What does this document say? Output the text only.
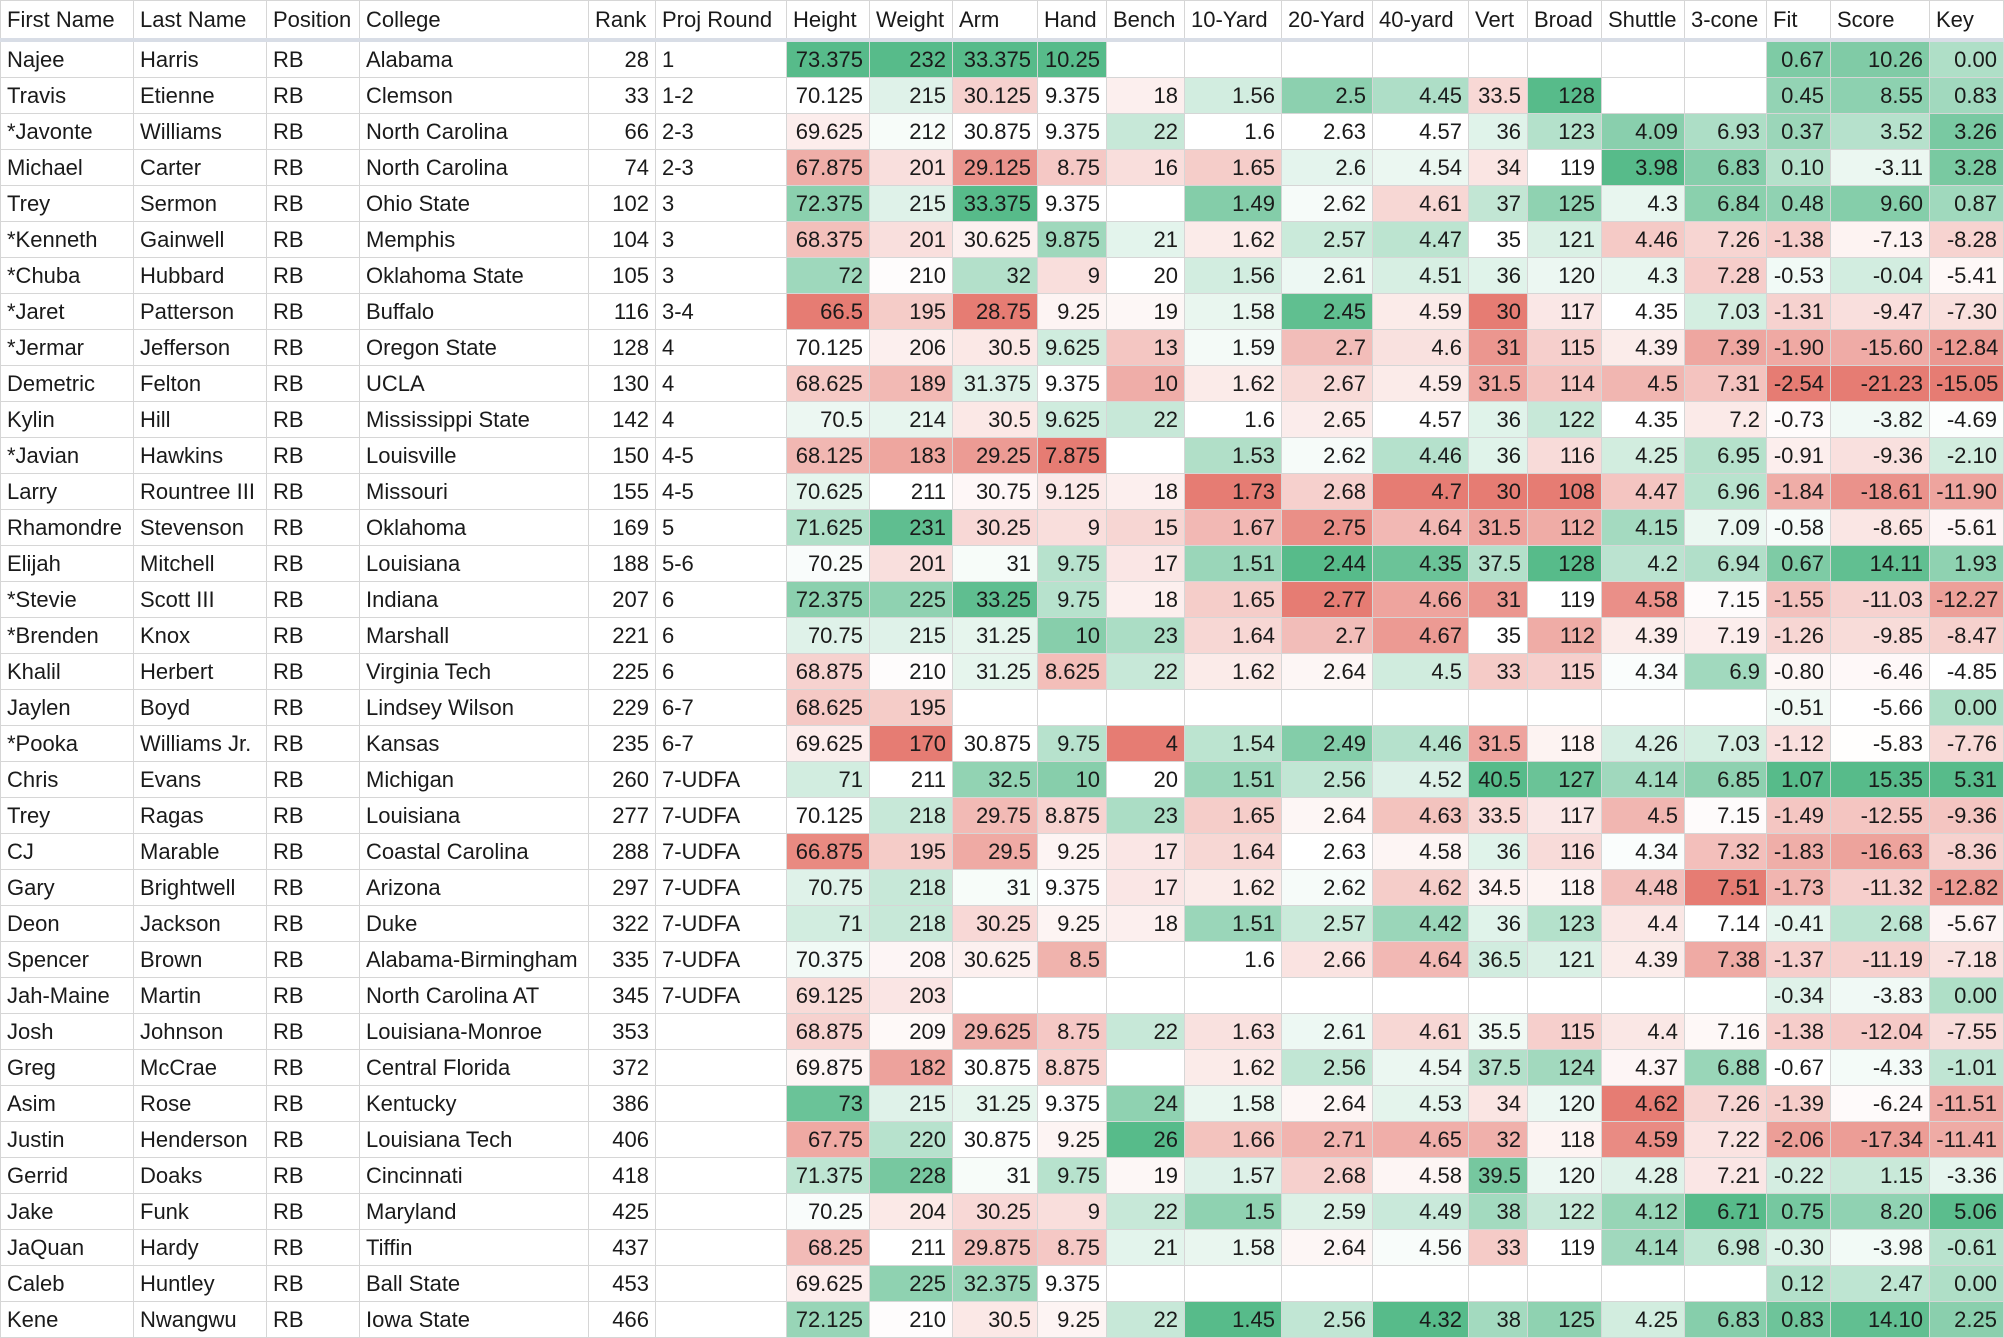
First Name	Last Name	Position	College	Rank	Proj Round	Height	Weight	Arm	Hand	Bench	10-Yard	20-Yard	40-yard	Vert	Broad	Shuttle	3-cone	Fit	Score	Key
Najee	Harris	RB	Alabama	28	1	73.375	232	33.375	10.25									0.67	10.26	0.00
Travis	Etienne	RB	Clemson	33	1-2	70.125	215	30.125	9.375	18	1.56	2.5	4.45	33.5	128			0.45	8.55	0.83
*Javonte	Williams	RB	North Carolina	66	2-3	69.625	212	30.875	9.375	22	1.6	2.63	4.57	36	123	4.09	6.93	0.37	3.52	3.26
Michael	Carter	RB	North Carolina	74	2-3	67.875	201	29.125	8.75	16	1.65	2.6	4.54	34	119	3.98	6.83	0.10	-3.11	3.28
Trey	Sermon	RB	Ohio State	102	3	72.375	215	33.375	9.375		1.49	2.62	4.61	37	125	4.3	6.84	0.48	9.60	0.87
*Kenneth	Gainwell	RB	Memphis	104	3	68.375	201	30.625	9.875	21	1.62	2.57	4.47	35	121	4.46	7.26	-1.38	-7.13	-8.28
*Chuba	Hubbard	RB	Oklahoma State	105	3	72	210	32	9	20	1.56	2.61	4.51	36	120	4.3	7.28	-0.53	-0.04	-5.41
*Jaret	Patterson	RB	Buffalo	116	3-4	66.5	195	28.75	9.25	19	1.58	2.45	4.59	30	117	4.35	7.03	-1.31	-9.47	-7.30
*Jermar	Jefferson	RB	Oregon State	128	4	70.125	206	30.5	9.625	13	1.59	2.7	4.6	31	115	4.39	7.39	-1.90	-15.60	-12.84
Demetric	Felton	RB	UCLA	130	4	68.625	189	31.375	9.375	10	1.62	2.67	4.59	31.5	114	4.5	7.31	-2.54	-21.23	-15.05
Kylin	Hill	RB	Mississippi State	142	4	70.5	214	30.5	9.625	22	1.6	2.65	4.57	36	122	4.35	7.2	-0.73	-3.82	-4.69
*Javian	Hawkins	RB	Louisville	150	4-5	68.125	183	29.25	7.875		1.53	2.62	4.46	36	116	4.25	6.95	-0.91	-9.36	-2.10
Larry	Rountree III	RB	Missouri	155	4-5	70.625	211	30.75	9.125	18	1.73	2.68	4.7	30	108	4.47	6.96	-1.84	-18.61	-11.90
Rhamondre	Stevenson	RB	Oklahoma	169	5	71.625	231	30.25	9	15	1.67	2.75	4.64	31.5	112	4.15	7.09	-0.58	-8.65	-5.61
Elijah	Mitchell	RB	Louisiana	188	5-6	70.25	201	31	9.75	17	1.51	2.44	4.35	37.5	128	4.2	6.94	0.67	14.11	1.93
*Stevie	Scott III	RB	Indiana	207	6	72.375	225	33.25	9.75	18	1.65	2.77	4.66	31	119	4.58	7.15	-1.55	-11.03	-12.27
*Brenden	Knox	RB	Marshall	221	6	70.75	215	31.25	10	23	1.64	2.7	4.67	35	112	4.39	7.19	-1.26	-9.85	-8.47
Khalil	Herbert	RB	Virginia Tech	225	6	68.875	210	31.25	8.625	22	1.62	2.64	4.5	33	115	4.34	6.9	-0.80	-6.46	-4.85
Jaylen	Boyd	RB	Lindsey Wilson	229	6-7	68.625	195											-0.51	-5.66	0.00
*Pooka	Williams Jr.	RB	Kansas	235	6-7	69.625	170	30.875	9.75	4	1.54	2.49	4.46	31.5	118	4.26	7.03	-1.12	-5.83	-7.76
Chris	Evans	RB	Michigan	260	7-UDFA	71	211	32.5	10	20	1.51	2.56	4.52	40.5	127	4.14	6.85	1.07	15.35	5.31
Trey	Ragas	RB	Louisiana	277	7-UDFA	70.125	218	29.75	8.875	23	1.65	2.64	4.63	33.5	117	4.5	7.15	-1.49	-12.55	-9.36
CJ	Marable	RB	Coastal Carolina	288	7-UDFA	66.875	195	29.5	9.25	17	1.64	2.63	4.58	36	116	4.34	7.32	-1.83	-16.63	-8.36
Gary	Brightwell	RB	Arizona	297	7-UDFA	70.75	218	31	9.375	17	1.62	2.62	4.62	34.5	118	4.48	7.51	-1.73	-11.32	-12.82
Deon	Jackson	RB	Duke	322	7-UDFA	71	218	30.25	9.25	18	1.51	2.57	4.42	36	123	4.4	7.14	-0.41	2.68	-5.67
Spencer	Brown	RB	Alabama-Birmingham	335	7-UDFA	70.375	208	30.625	8.5		1.6	2.66	4.64	36.5	121	4.39	7.38	-1.37	-11.19	-7.18
Jah-Maine	Martin	RB	North Carolina AT	345	7-UDFA	69.125	203											-0.34	-3.83	0.00
Josh	Johnson	RB	Louisiana-Monroe	353		68.875	209	29.625	8.75	22	1.63	2.61	4.61	35.5	115	4.4	7.16	-1.38	-12.04	-7.55
Greg	McCrae	RB	Central Florida	372		69.875	182	30.875	8.875		1.62	2.56	4.54	37.5	124	4.37	6.88	-0.67	-4.33	-1.01
Asim	Rose	RB	Kentucky	386		73	215	31.25	9.375	24	1.58	2.64	4.53	34	120	4.62	7.26	-1.39	-6.24	-11.51
Justin	Henderson	RB	Louisiana Tech	406		67.75	220	30.875	9.25	26	1.66	2.71	4.65	32	118	4.59	7.22	-2.06	-17.34	-11.41
Gerrid	Doaks	RB	Cincinnati	418		71.375	228	31	9.75	19	1.57	2.68	4.58	39.5	120	4.28	7.21	-0.22	1.15	-3.36
Jake	Funk	RB	Maryland	425		70.25	204	30.25	9	22	1.5	2.59	4.49	38	122	4.12	6.71	0.75	8.20	5.06
JaQuan	Hardy	RB	Tiffin	437		68.25	211	29.875	8.75	21	1.58	2.64	4.56	33	119	4.14	6.98	-0.30	-3.98	-0.61
Caleb	Huntley	RB	Ball State	453		69.625	225	32.375	9.375									0.12	2.47	0.00
Kene	Nwangwu	RB	Iowa State	466		72.125	210	30.5	9.25	22	1.45	2.56	4.32	38	125	4.25	6.83	0.83	14.10	2.25
